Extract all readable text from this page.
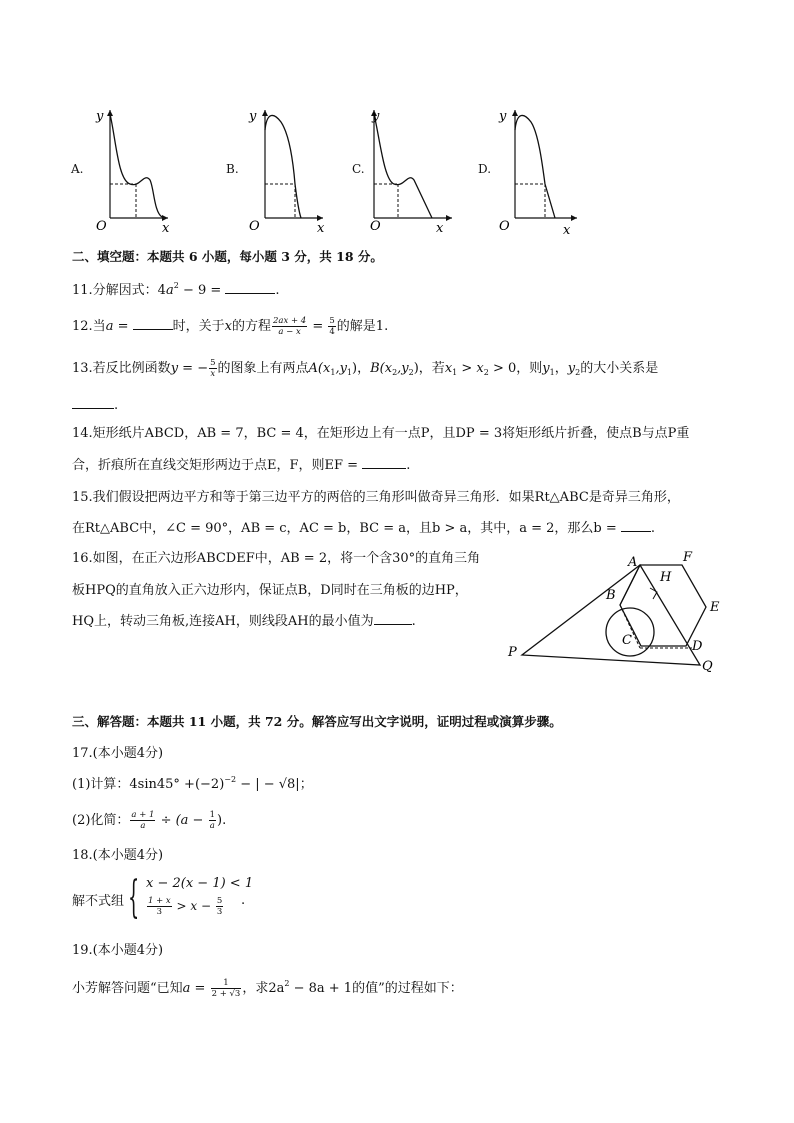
A.
y
x
O
B.
y
x
O
C.
y
x
O
D.
y
x
O
二、填空题：本题共 6 小题，每小题 3 分，共 18 分。
11.分解因式：$4a^2 - 9$ =	.
12.当a =	时，关于x的方程 $\frac{2ax + 4}{a - x} = \frac{5}{4}$ 的解是1.
13.若反比例函数y = − $\frac{5}{x}$ 的图象上有两点$A(x_1,y_1)$，$B(x_2,y_2)$，若$x_1 > x_2 > 0$，则$y_1$，$y_2$的大小关系是
.
14.矩形纸片ABCD，AB = 7，BC = 4，在矩形边上有一点P，且DP = 3将矩形纸片折叠，使点B与点P重
合，折痕所在直线交矩形两边于点E，F，则EF =	.
15.我们假设把两边平方和等于第三边平方的两倍的三角形叫做奇异三角形．如果Rt△ABC是奇异三角形，
在Rt△ABC中，∠C = 90°，AB = c，AC = b，BC = a，且b > a，其中，a = 2，那么b = .
16.如图，在正六边形ABCDEF中，AB = 2，将一个含30°的直角三角
板HPQ的直角放入正六边形内，保证点B，D同时在三角板的边HP，
HQ上，转动三角板,连接AH，则线段AH的最小值为	.
A	F
H
B
E
C	D
P
Q
三、解答题：本题共 11 小题，共 72 分。解答应写出文字说明，证明过程或演算步骤。
17.(本小题4分)
(1)计算：$4\sin 45^\circ +(-2)^{-2}$ − | − √8|；
(2)化简： $\frac{a + 1}{a} \div (a - \frac{1}{a}$ ).
18.(本小题4分)
解不式组 { x − 2(x − 1) < 1
$\frac{1 + x}{3} > x - \frac{5}{3}$ .
19.(本小题4分)
小芳解答问题“已知$a = \frac{1}{2 + √3}$ ，求$2a^2 - 8a + 1$的值”的过程如下：
